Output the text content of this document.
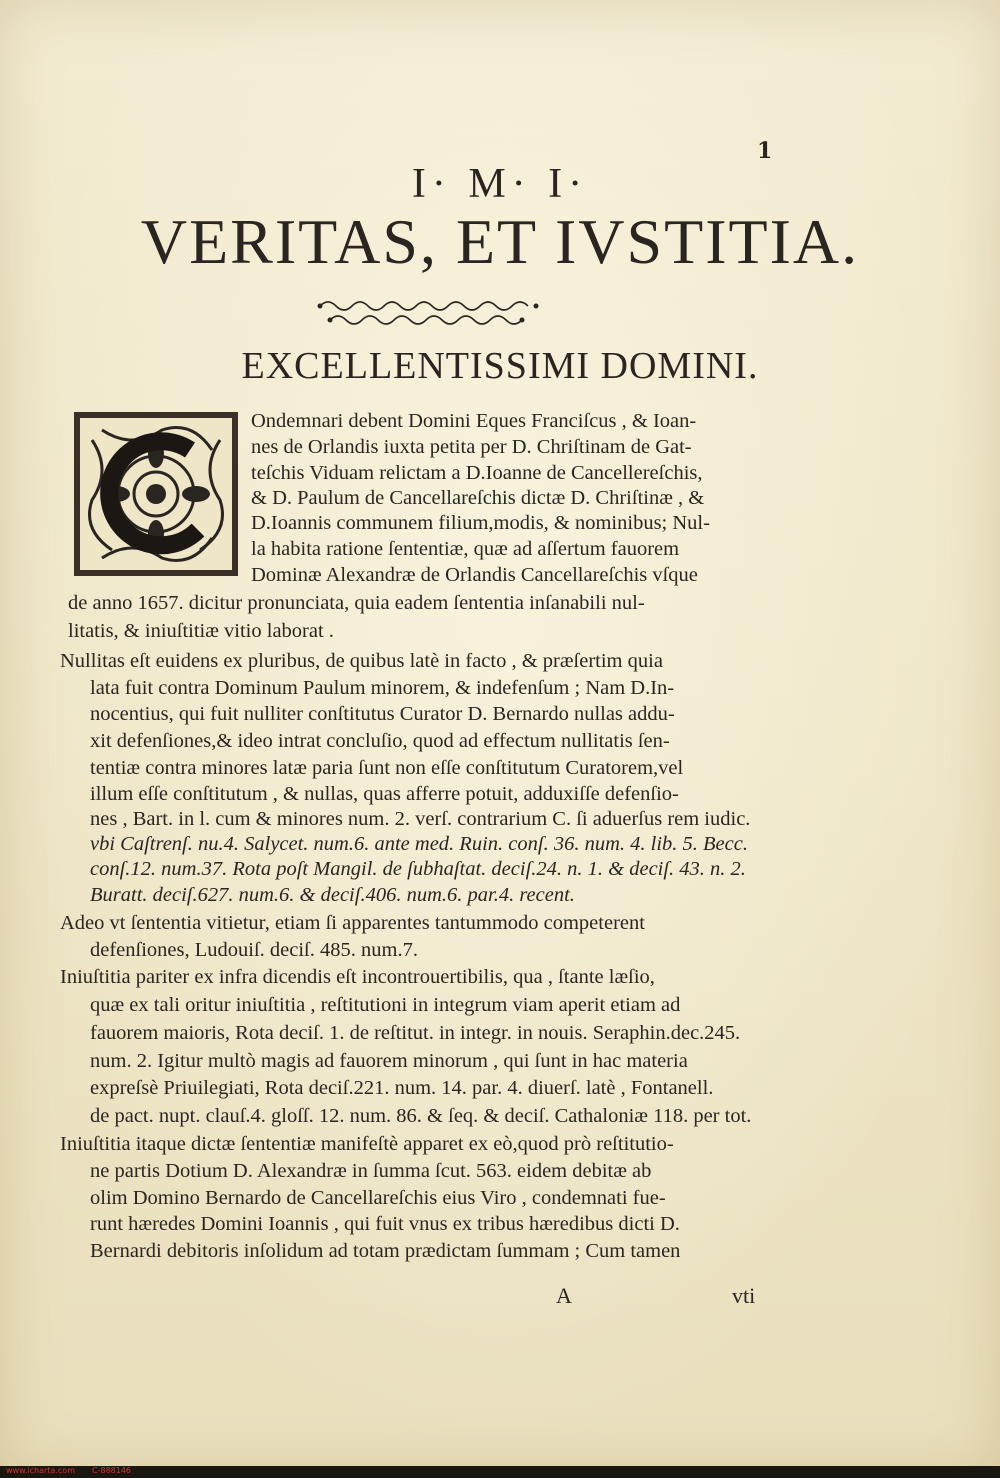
1
I· M· I·
VERITAS, ET IVSTITIA.
EXCELLENTISSIMI DOMINI.
Ondemnari debent Domini Eques Franciſcus , & Ioan-
nes de Orlandis iuxta petita per D. Chriſtinam de Gat-
teſchis Viduam relictam a D.Ioanne de Cancellereſchis,
& D. Paulum de Cancellareſchis dictæ D. Chriſtinæ , &
D.Ioannis communem filium,modis, & nominibus; Nul-
la habita ratione ſententiæ, quæ ad aſſertum fauorem
Dominæ Alexandræ de Orlandis Cancellareſchis vſque
de anno 1657. dicitur pronunciata, quia eadem ſententia inſanabili nul-
litatis, & iniuſtitiæ vitio laborat .
Nullitas eſt euidens ex pluribus, de quibus latè in facto , & præſertim quia
lata fuit contra Dominum Paulum minorem, & indefenſum ; Nam D.In-
nocentius, qui fuit nulliter conſtitutus Curator D. Bernardo nullas addu-
xit defenſiones,& ideo intrat concluſio, quod ad effectum nullitatis ſen-
tentiæ contra minores latæ paria ſunt non eſſe conſtitutum Curatorem,vel
illum eſſe conſtitutum , & nullas, quas afferre potuit, adduxiſſe defenſio-
nes , Bart. in l. cum & minores num. 2. verſ. contrarium C. ſi aduerſus rem iudic.
vbi Caſtrenſ. nu.4. Salycet. num.6. ante med. Ruin. conſ. 36. num. 4. lib. 5. Becc.
conſ.12. num.37. Rota poſt Mangil. de ſubhaſtat. deciſ.24. n. 1. & deciſ. 43. n. 2.
Buratt. deciſ.627. num.6. & deciſ.406. num.6. par.4. recent.
Adeo vt ſententia vitietur, etiam ſi apparentes tantummodo competerent
defenſiones, Ludouiſ. deciſ. 485. num.7.
Iniuſtitia pariter ex infra dicendis eſt incontrouertibilis, qua , ſtante læſio,
quæ ex tali oritur iniuſtitia , reſtitutioni in integrum viam aperit etiam ad
fauorem maioris, Rota deciſ. 1. de reſtitut. in integr. in nouis. Seraphin.dec.245.
num. 2. Igitur multò magis ad fauorem minorum , qui ſunt in hac materia
expreſsè Priuilegiati, Rota deciſ.221. num. 14. par. 4. diuerſ. latè , Fontanell.
de pact. nupt. clauſ.4. gloſſ. 12. num. 86. & ſeq. & deciſ. Cathaloniæ 118. per tot.
Iniuſtitia itaque dictæ ſententiæ manifeſtè apparet ex eò,quod prò reſtitutio-
ne partis Dotium D. Alexandræ in ſumma ſcut. 563. eidem debitæ ab
olim Domino Bernardo de Cancellareſchis eius Viro , condemnati fue-
runt hæredes Domini Ioannis , qui fuit vnus ex tribus hæredibus dicti D.
Bernardi debitoris inſolidum ad totam prædictam ſummam ; Cum tamen
A	vti
www.icharta.com C-888146
